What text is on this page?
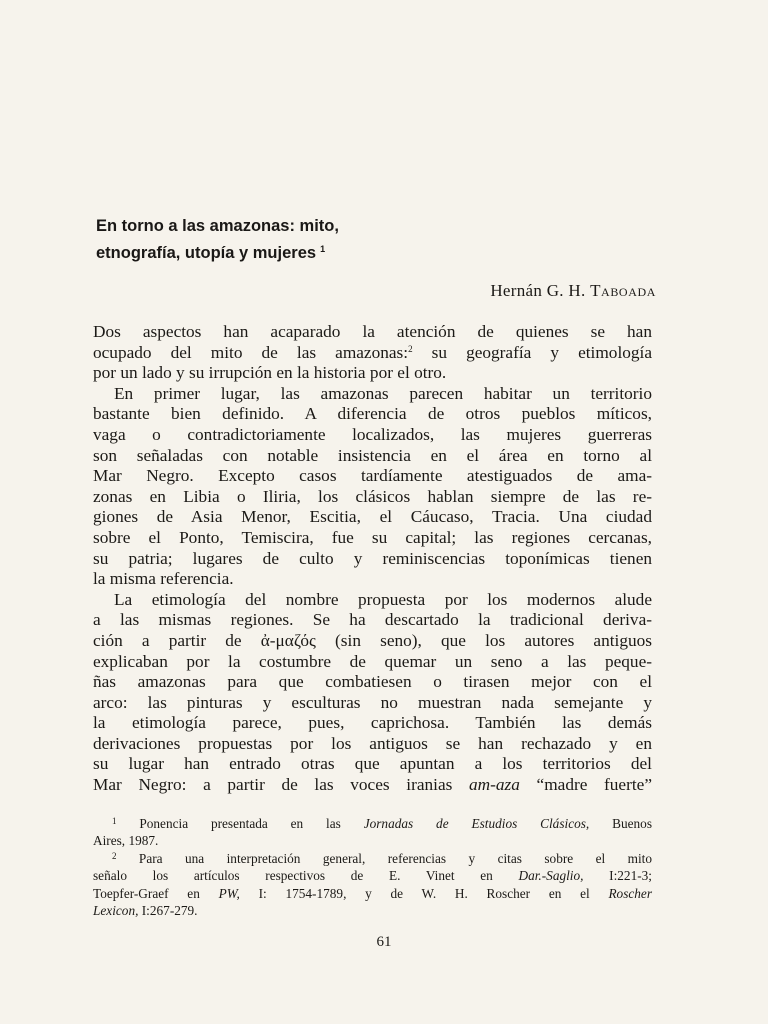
En torno a las amazonas: mito,
etnografía, utopía y mujeres $^1$
Hernán G. H. Taboada
Dos aspectos han acaparado la atención de quienes se han
ocupado del mito de las amazonas:$^2$ su geografía y etimología
por un lado y su irrupción en la historia por el otro.
En primer lugar, las amazonas parecen habitar un territorio
bastante bien definido. A diferencia de otros pueblos míticos,
vaga o contradictoriamente localizados, las mujeres guerreras
son señaladas con notable insistencia en el área en torno al
Mar Negro. Excepto casos tardíamente atestiguados de ama-
zonas en Libia o Iliria, los clásicos hablan siempre de las re-
giones de Asia Menor, Escitia, el Cáucaso, Tracia. Una ciudad
sobre el Ponto, Temiscira, fue su capital; las regiones cercanas,
su patria; lugares de culto y reminiscencias toponímicas tienen
la misma referencia.
La etimología del nombre propuesta por los modernos alude
a las mismas regiones. Se ha descartado la tradicional deriva-
ción a partir de ἀ-μαζός (sin seno), que los autores antiguos
explicaban por la costumbre de quemar un seno a las peque-
ñas amazonas para que combatiesen o tirasen mejor con el
arco: las pinturas y esculturas no muestran nada semejante y
la etimología parece, pues, caprichosa. También las demás
derivaciones propuestas por los antiguos se han rechazado y en
su lugar han entrado otras que apuntan a los territorios del
Mar Negro: a partir de las voces iranias am-aza “madre fuerte”
$^1$ Ponencia presentada en las Jornadas de Estudios Clásicos, Buenos
Aires, 1987.
$^2$ Para una interpretación general, referencias y citas sobre el mito
señalo los artículos respectivos de E. Vinet en Dar.-Saglio, I:221-3;
Toepfer-Graef en PW, I: 1754-1789, y de W. H. Roscher en el Roscher
Lexicon, I:267-279.
61
